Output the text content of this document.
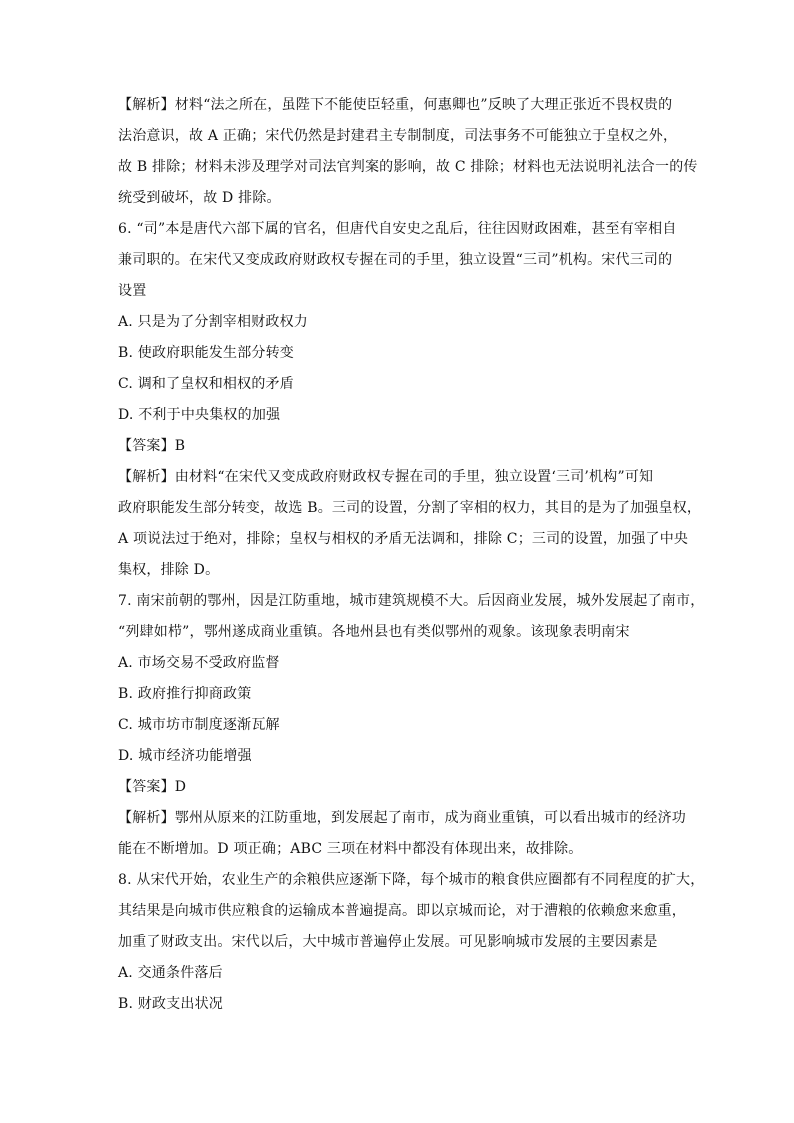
【解析】材料“法之所在，虽陛下不能使臣轻重，何惠卿也”反映了大理正张近不畏权贵的
法治意识，故 A 正确；宋代仍然是封建君主专制制度，司法事务不可能独立于皇权之外，
故 B 排除；材料未涉及理学对司法官判案的影响，故 C 排除；材料也无法说明礼法合一的传
统受到破坏，故 D 排除。
6. “司”本是唐代六部下属的官名，但唐代自安史之乱后，往往因财政困难，甚至有宰相自
兼司职的。在宋代又变成政府财政权专握在司的手里，独立设置“三司”机构。宋代三司的
设置
A. 只是为了分割宰相财政权力
B. 使政府职能发生部分转变
C. 调和了皇权和相权的矛盾
D. 不利于中央集权的加强
【答案】B
【解析】由材料“在宋代又变成政府财政权专握在司的手里，独立设置‘三司’机构”可知
政府职能发生部分转变，故选 B。三司的设置，分割了宰相的权力，其目的是为了加强皇权，
A 项说法过于绝对，排除；皇权与相权的矛盾无法调和，排除 C；三司的设置，加强了中央
集权，排除 D。
7. 南宋前朝的鄂州，因是江防重地，城市建筑规模不大。后因商业发展，城外发展起了南市，
“列肆如栉”，鄂州遂成商业重镇。各地州县也有类似鄂州的观象。该现象表明南宋
A. 市场交易不受政府监督
B. 政府推行抑商政策
C. 城市坊市制度逐渐瓦解
D. 城市经济功能增强
【答案】D
【解析】鄂州从原来的江防重地，到发展起了南市，成为商业重镇，可以看出城市的经济功
能在不断增加。D 项正确；ABC 三项在材料中都没有体现出来，故排除。
8. 从宋代开始，农业生产的余粮供应逐渐下降，每个城市的粮食供应圈都有不同程度的扩大，
其结果是向城市供应粮食的运输成本普遍提高。即以京城而论，对于漕粮的依赖愈来愈重，
加重了财政支出。宋代以后，大中城市普遍停止发展。可见影响城市发展的主要因素是
A. 交通条件落后
B. 财政支出状况
